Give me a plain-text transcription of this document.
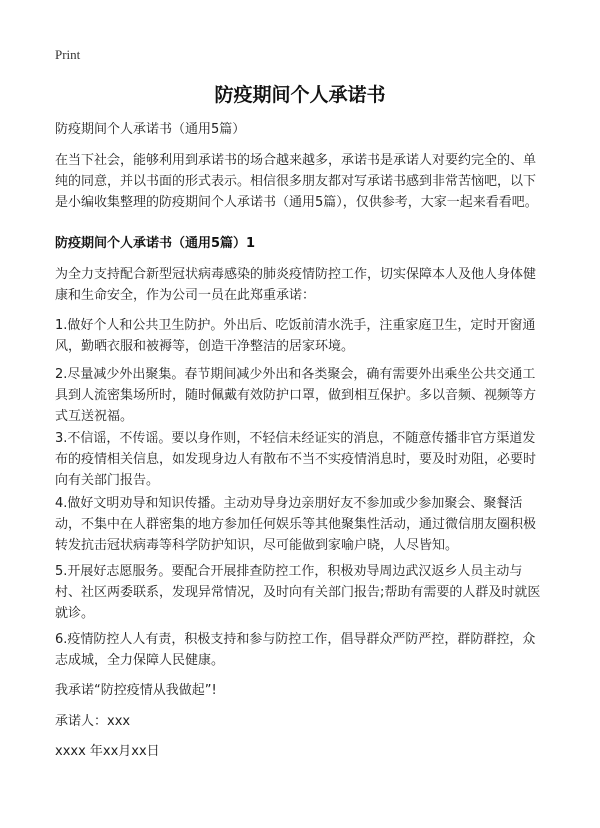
Print
防疫期间个人承诺书

防疫期间个人承诺书（通用5篇）

在当下社会，能够利用到承诺书的场合越来越多，承诺书是承诺人对要约完全的、单纯的同意，并以书面的形式表示。相信很多朋友都对写承诺书感到非常苦恼吧，以下是小编收集整理的防疫期间个人承诺书（通用5篇），仅供参考，大家一起来看看吧。

防疫期间个人承诺书（通用5篇）1

为全力支持配合新型冠状病毒感染的肺炎疫情防控工作，切实保障本人及他人身体健康和生命安全，作为公司一员在此郑重承诺：

1.做好个人和公共卫生防护。外出后、吃饭前清水洗手，注重家庭卫生，定时开窗通风，勤晒衣服和被褥等，创造干净整洁的居家环境。

2.尽量减少外出聚集。春节期间减少外出和各类聚会，确有需要外出乘坐公共交通工具到人流密集场所时，随时佩戴有效防护口罩，做到相互保护。多以音频、视频等方式互送祝福。

3.不信谣，不传谣。要以身作则，不轻信未经证实的消息，不随意传播非官方渠道发布的疫情相关信息，如发现身边人有散布不当不实疫情消息时，要及时劝阻，必要时向有关部门报告。

4.做好文明劝导和知识传播。主动劝导身边亲朋好友不参加或少参加聚会、聚餐活动，不集中在人群密集的地方参加任何娱乐等其他聚集性活动，通过微信朋友圈积极转发抗击冠状病毒等科学防护知识，尽可能做到家喻户晓，人尽皆知。

5.开展好志愿服务。要配合开展排查防控工作，积极劝导周边武汉返乡人员主动与村、社区两委联系，发现异常情况，及时向有关部门报告;帮助有需要的人群及时就医就诊。

6.疫情防控人人有责，积极支持和参与防控工作，倡导群众严防严控，群防群控，众志成城，全力保障人民健康。

我承诺“防控疫情从我做起”!

承诺人：xxx

xxxx 年xx月xx日
